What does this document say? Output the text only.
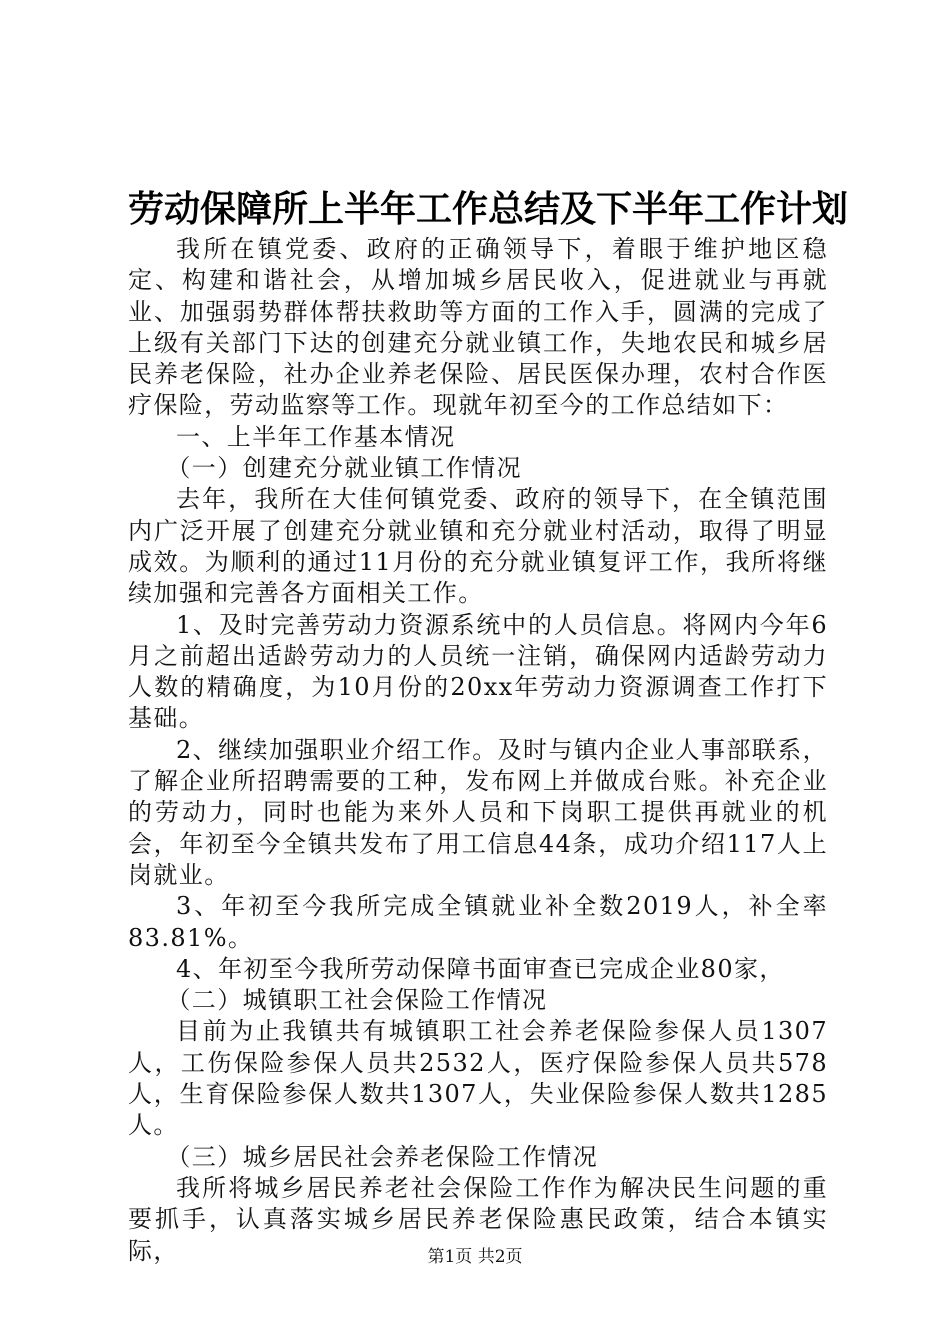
劳动保障所上半年工作总结及下半年工作计划

我所在镇党委、政府的正确领导下，着眼于维护地区稳定、构建和谐社会，从增加城乡居民收入，促进就业与再就业、加强弱势群体帮扶救助等方面的工作入手，圆满的完成了上级有关部门下达的创建充分就业镇工作，失地农民和城乡居民养老保险，社办企业养老保险、居民医保办理，农村合作医疗保险，劳动监察等工作。现就年初至今的工作总结如下：

一、上半年工作基本情况

（一）创建充分就业镇工作情况

去年，我所在大佳何镇党委、政府的领导下，在全镇范围内广泛开展了创建充分就业镇和充分就业村活动，取得了明显成效。为顺利的通过11月份的充分就业镇复评工作，我所将继续加强和完善各方面相关工作。

1、及时完善劳动力资源系统中的人员信息。将网内今年6月之前超出适龄劳动力的人员统一注销，确保网内适龄劳动力人数的精确度，为10月份的20xx年劳动力资源调查工作打下基础。

2、继续加强职业介绍工作。及时与镇内企业人事部联系，了解企业所招聘需要的工种，发布网上并做成台账。补充企业的劳动力，同时也能为来外人员和下岗职工提供再就业的机会，年初至今全镇共发布了用工信息44条，成功介绍117人上岗就业。

3、年初至今我所完成全镇就业补全数2019人，补全率83.81%。

4、年初至今我所劳动保障书面审查已完成企业80家，

（二）城镇职工社会保险工作情况

目前为止我镇共有城镇职工社会养老保险参保人员1307人，工伤保险参保人员共2532人，医疗保险参保人员共578人，生育保险参保人数共1307人，失业保险参保人数共1285人。

（三）城乡居民社会养老保险工作情况

我所将城乡居民养老社会保险工作作为解决民生问题的重要抓手，认真落实城乡居民养老保险惠民政策，结合本镇实际，	第1页 共2页
